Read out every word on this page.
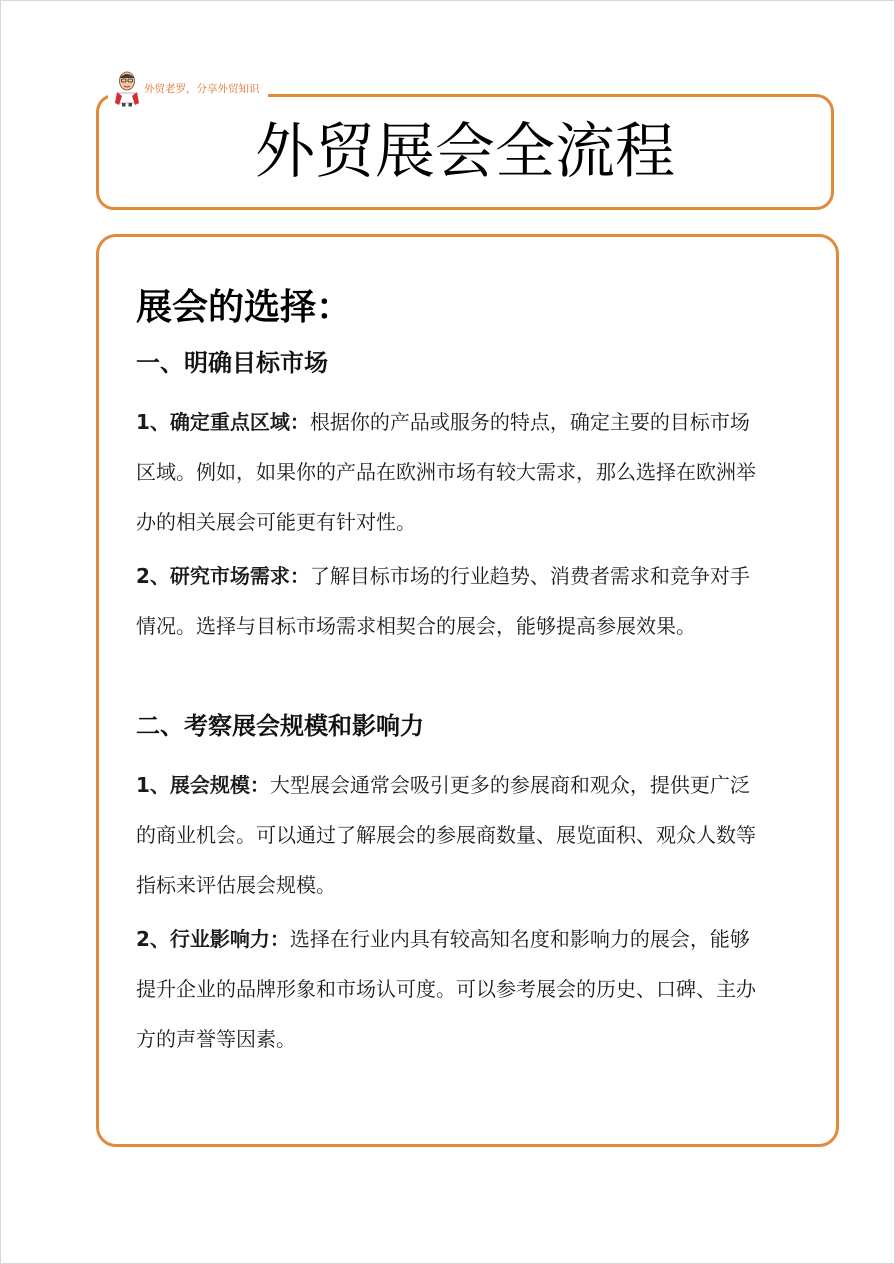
外贸老罗，分享外贸知识
外贸展会全流程
展会的选择：
一、明确目标市场

1、确定重点区域：根据你的产品或服务的特点，确定主要的目标市场区域。例如，如果你的产品在欧洲市场有较大需求，那么选择在欧洲举办的相关展会可能更有针对性。

2、研究市场需求：了解目标市场的行业趋势、消费者需求和竞争对手情况。选择与目标市场需求相契合的展会，能够提高参展效果。

二、考察展会规模和影响力

1、展会规模：大型展会通常会吸引更多的参展商和观众，提供更广泛的商业机会。可以通过了解展会的参展商数量、展览面积、观众人数等指标来评估展会规模。

2、行业影响力：选择在行业内具有较高知名度和影响力的展会，能够提升企业的品牌形象和市场认可度。可以参考展会的历史、口碑、主办方的声誉等因素。
